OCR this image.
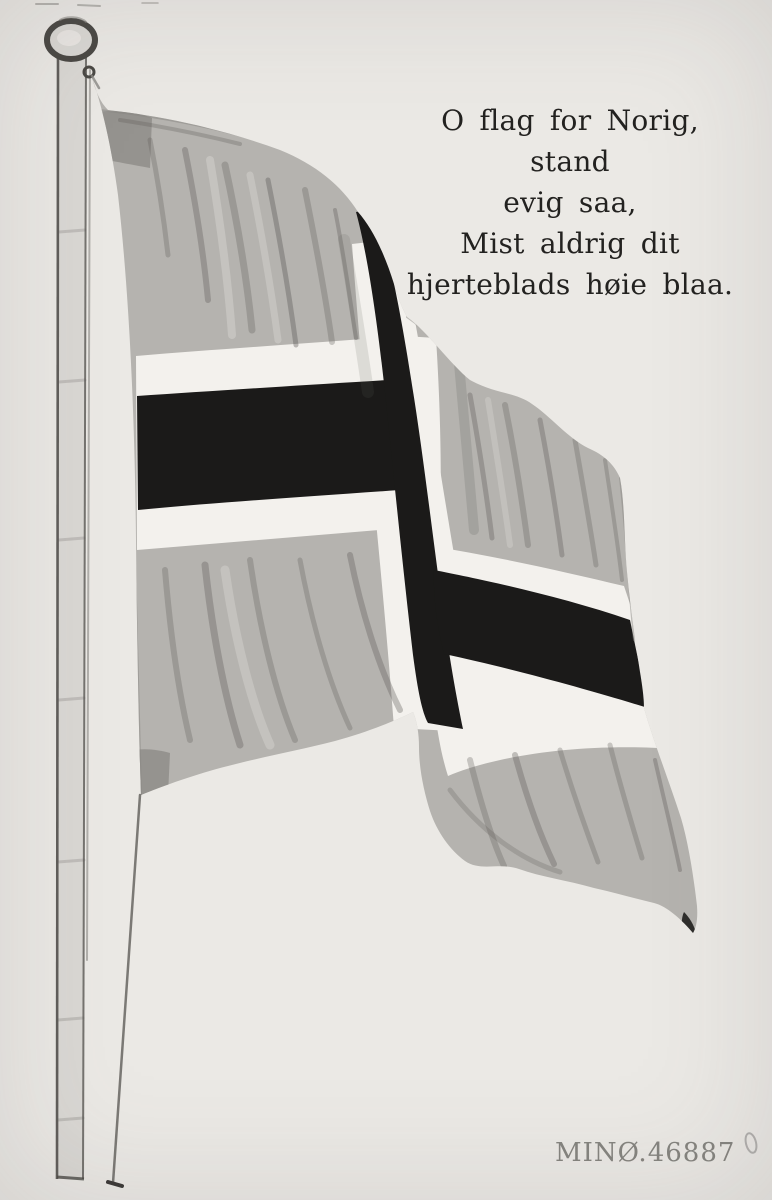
O flag for Norig, stand
evig saa,
Mist aldrig dit
hjerteblads høie blaa.
MINØ.46887
